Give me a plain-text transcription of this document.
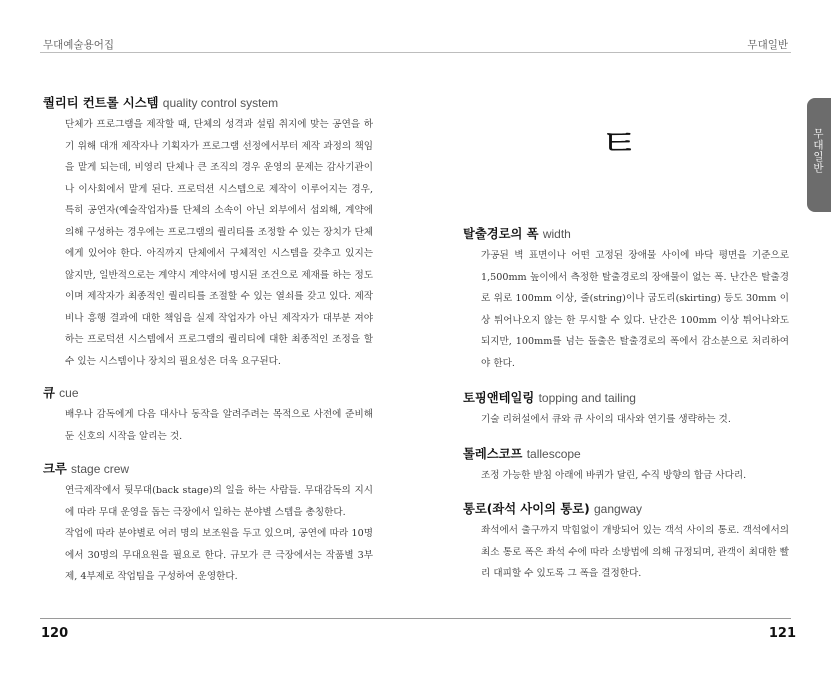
무대예술용어집	무대일반
퀄리티 컨트롤 시스템 quality control system

단체가 프로그램을 제작할 때, 단체의 성격과 설립 취지에 맞는 공연을 하기 위해 대개 제작자나 기획자가 프로그램 선정에서부터 제작 과정의 책임을 맡게 되는데, 비영리 단체나 큰 조직의 경우 운영의 문제는 감사기관이나 이사회에서 맡게 된다. 프로덕션 시스템으로 제작이 이루어지는 경우, 특히 공연자(예술작업자)를 단체의 소속이 아닌 외부에서 섭외해, 계약에 의해 구성하는 경우에는 프로그램의 퀄리티를 조정할 수 있는 장치가 단체에게 있어야 한다. 아직까지 단체에서 구체적인 시스템을 갖추고 있지는 않지만, 일반적으로는 계약시 계약서에 명시된 조건으로 제재를 하는 정도이며 제작자가 최종적인 퀄리티를 조절할 수 있는 열쇠를 갖고 있다. 제작비나 흥행 결과에 대한 책임을 실제 작업자가 아닌 제작자가 대부분 져야 하는 프로덕션 시스템에서 프로그램의 퀄리티에 대한 최종적인 조정을 할 수 있는 시스템이나 장치의 필요성은 더욱 요구된다.

큐 cue

배우나 감독에게 다음 대사나 동작을 알려주려는 목적으로 사전에 준비해 둔 신호의 시작을 알리는 것.

크루 stage crew

연극제작에서 뒷무대(back stage)의 일을 하는 사람들. 무대감독의 지시에 따라 무대 운영을 돕는 극장에서 일하는 분야별 스텝을 총칭한다.

작업에 따라 분야별로 여러 명의 보조원을 두고 있으며, 공연에 따라 10명에서 30명의 무대요원을 필요로 한다. 규모가 큰 극장에서는 작품별 3부제, 4부제로 작업팀을 구성하여 운영한다.

ㅌ	무대일반
탈출경로의 폭 width

가공된 벽 표면이나 어떤 고정된 장애물 사이에 바닥 평면을 기준으로 1,500mm 높이에서 측정한 탈출경로의 장애물이 없는 폭. 난간은 탈출경로 위로 100mm 이상, 줄(string)이나 굽도리(skirting) 등도 30mm 이상 튀어나오지 않는 한 무시할 수 있다. 난간은 100mm 이상 튀어나와도 되지만, 100mm를 넘는 돌출은 탈출경로의 폭에서 감소분으로 처리하여야 한다.

토핑앤테일링 topping and tailing

기술 리허설에서 큐와 큐 사이의 대사와 연기를 생략하는 것.

톨레스코프 tallescope

조정 가능한 받침 아래에 바퀴가 달린, 수직 방향의 합금 사다리.

통로(좌석 사이의 통로) gangway

좌석에서 출구까지 막힘없이 개방되어 있는 객석 사이의 통로. 객석에서의 최소 통로 폭은 좌석 수에 따라 소방법에 의해 규정되며, 관객이 최대한 빨리 대피할 수 있도록 그 폭을 결정한다.

120	121
